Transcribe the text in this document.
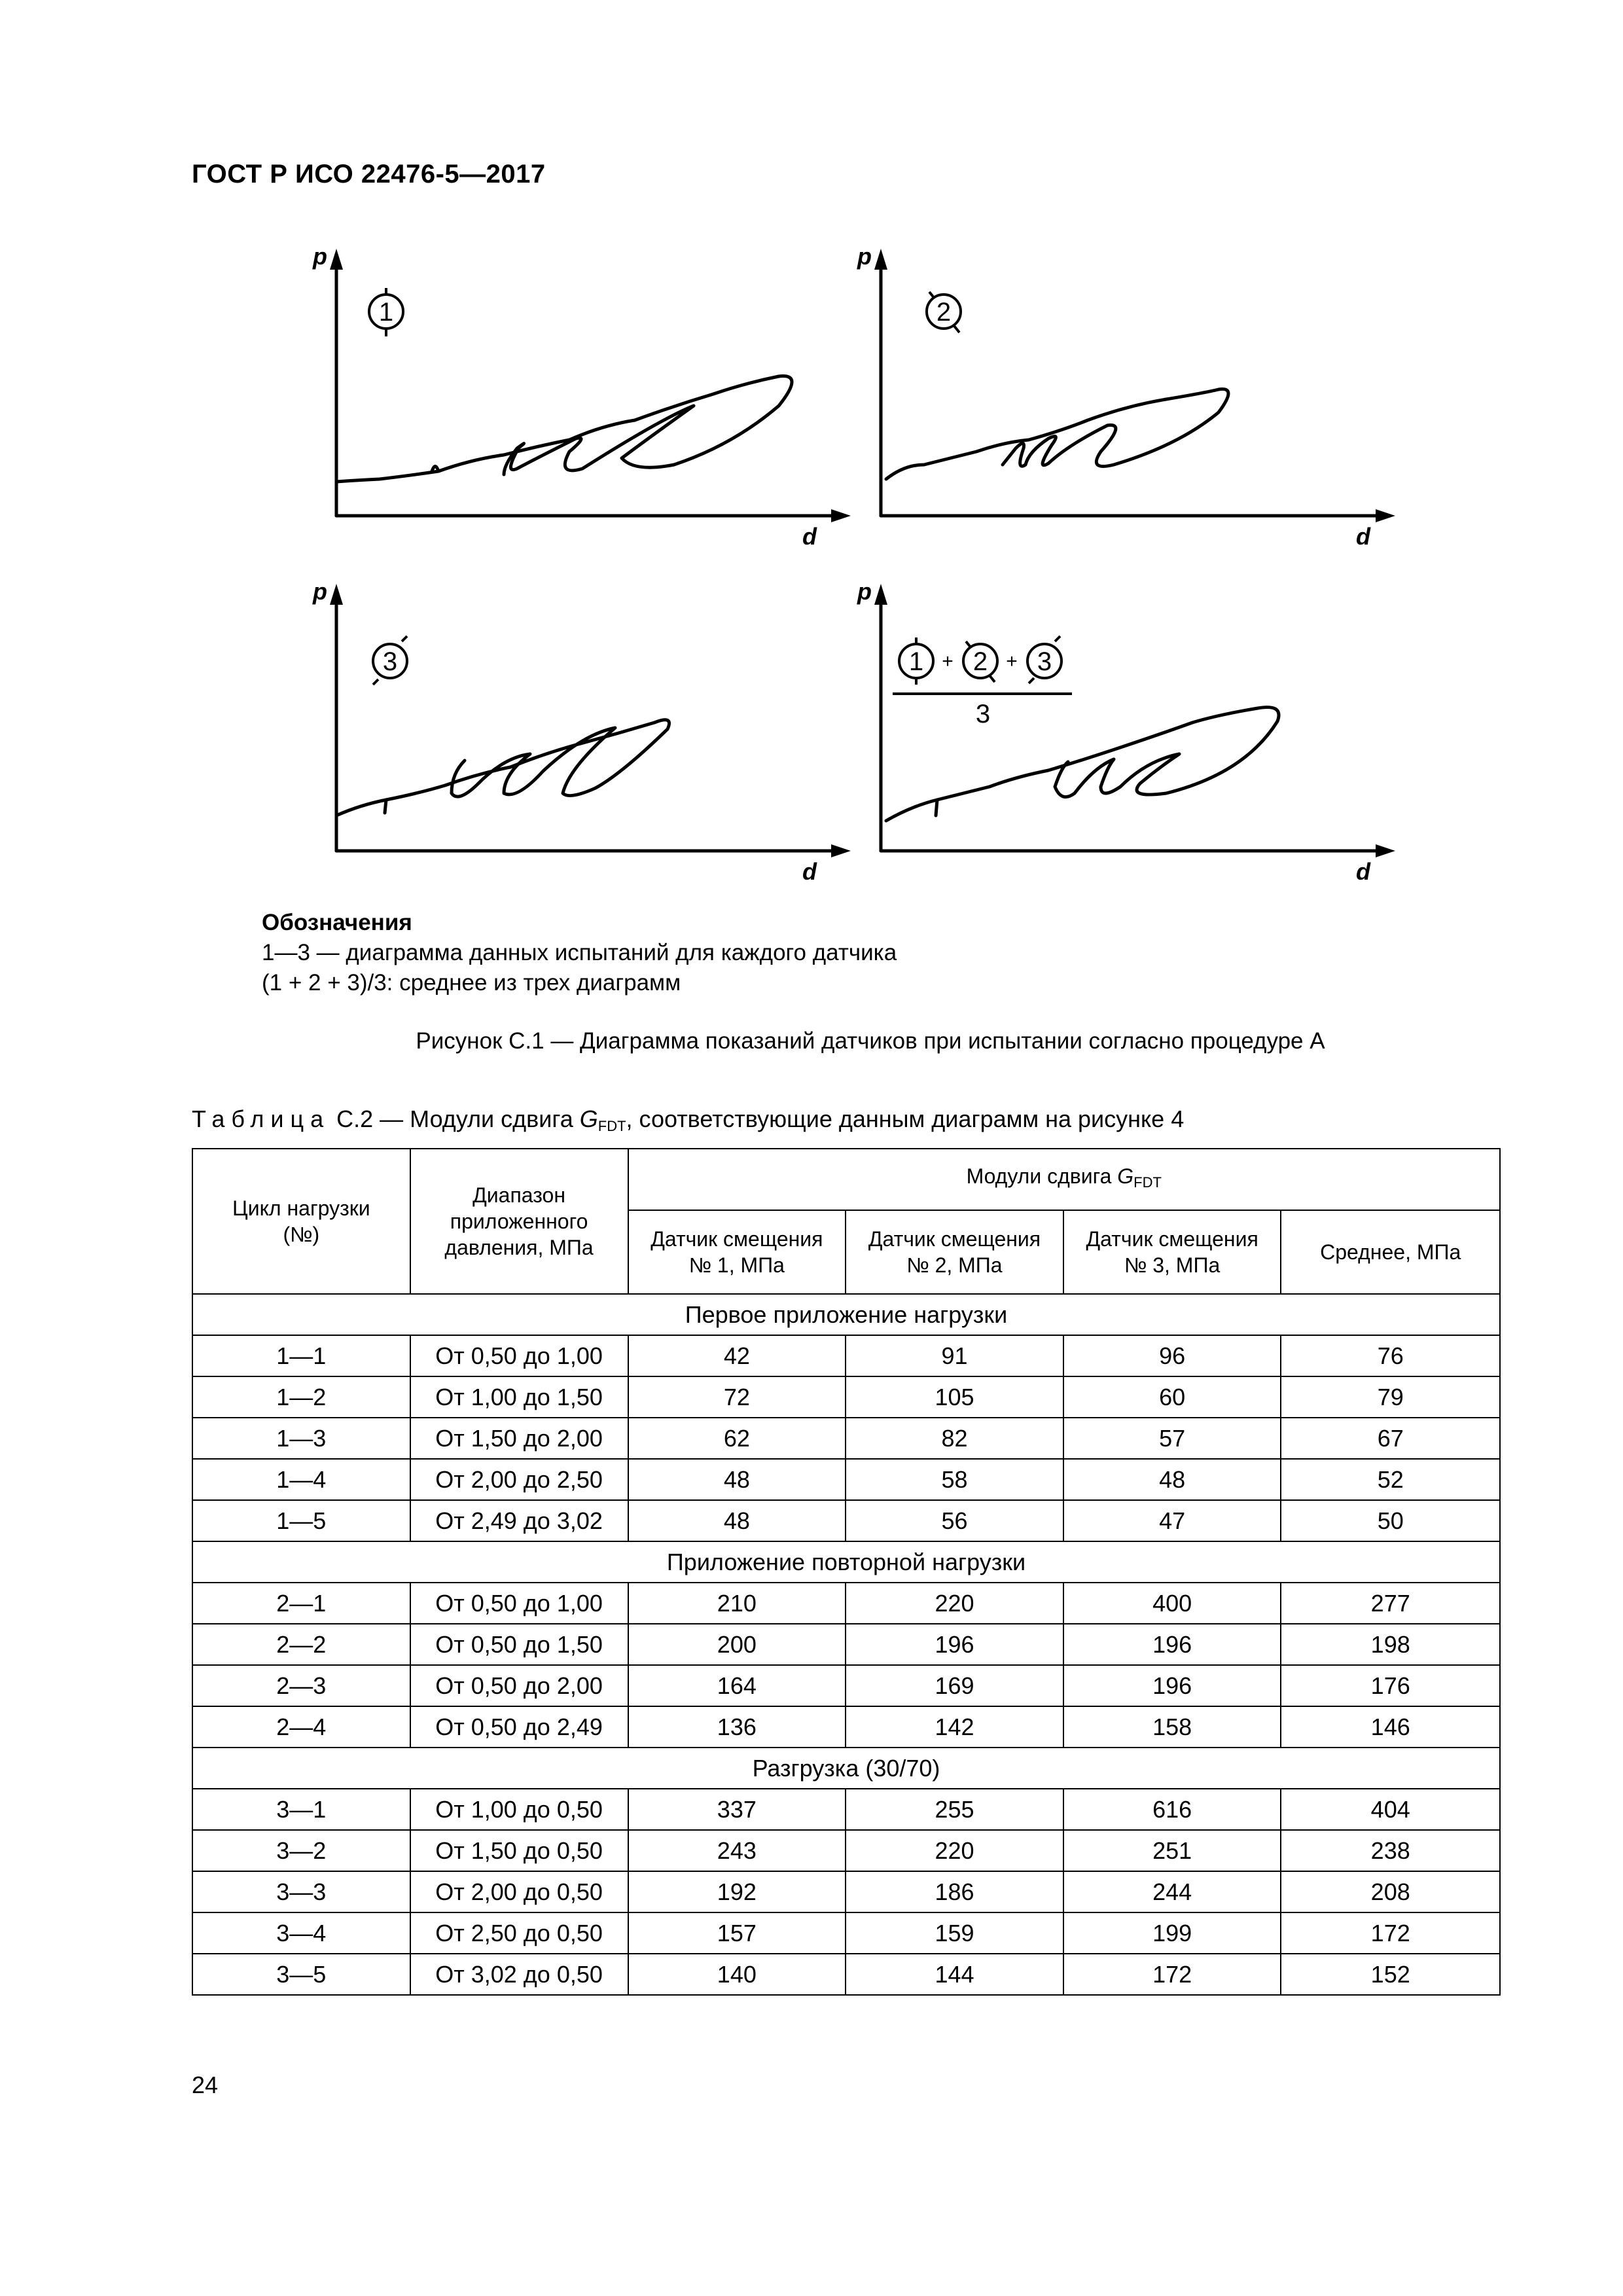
ГОСТ Р ИСО 22476-5—2017
p
d
1
p
d
2
p
d
3
p
d
1 + 2 + 3
3
Обозначения
1—3 — диаграмма данных испытаний для каждого датчика
(1 + 2 + 3)/3: среднее из трех диаграмм
Рисунок С.1 — Диаграмма показаний датчиков при испытании согласно процедуре А
Таблица С.2 — Модули сдвига $G_{FDT}$, соответствующие данным диаграмм на рисунке 4
Цикл нагрузки (№)	Диапазон приложенного давления, МПа	Модули сдвига $G_{FDT}$
		Датчик смещения № 1, МПа	Датчик смещения № 2, МПа	Датчик смещения № 3, МПа	Среднее, МПа
Первое приложение нагрузки					
1—1	От 0,50 до 1,00	42	91	96	76
1—2	От 1,00 до 1,50	72	105	60	79
1—3	От 1,50 до 2,00	62	82	57	67
1—4	От 2,00 до 2,50	48	58	48	52
1—5	От 2,49 до 3,02	48	56	47	50
Приложение повторной нагрузки					
2—1	От 0,50 до 1,00	210	220	400	277
2—2	От 0,50 до 1,50	200	196	196	198
2—3	От 0,50 до 2,00	164	169	196	176
2—4	От 0,50 до 2,49	136	142	158	146
Разгрузка (30/70)					
3—1	От 1,00 до 0,50	337	255	616	404
3—2	От 1,50 до 0,50	243	220	251	238
3—3	От 2,00 до 0,50	192	186	244	208
3—4	От 2,50 до 0,50	157	159	199	172
3—5	От 3,02 до 0,50	140	144	172	152
24
